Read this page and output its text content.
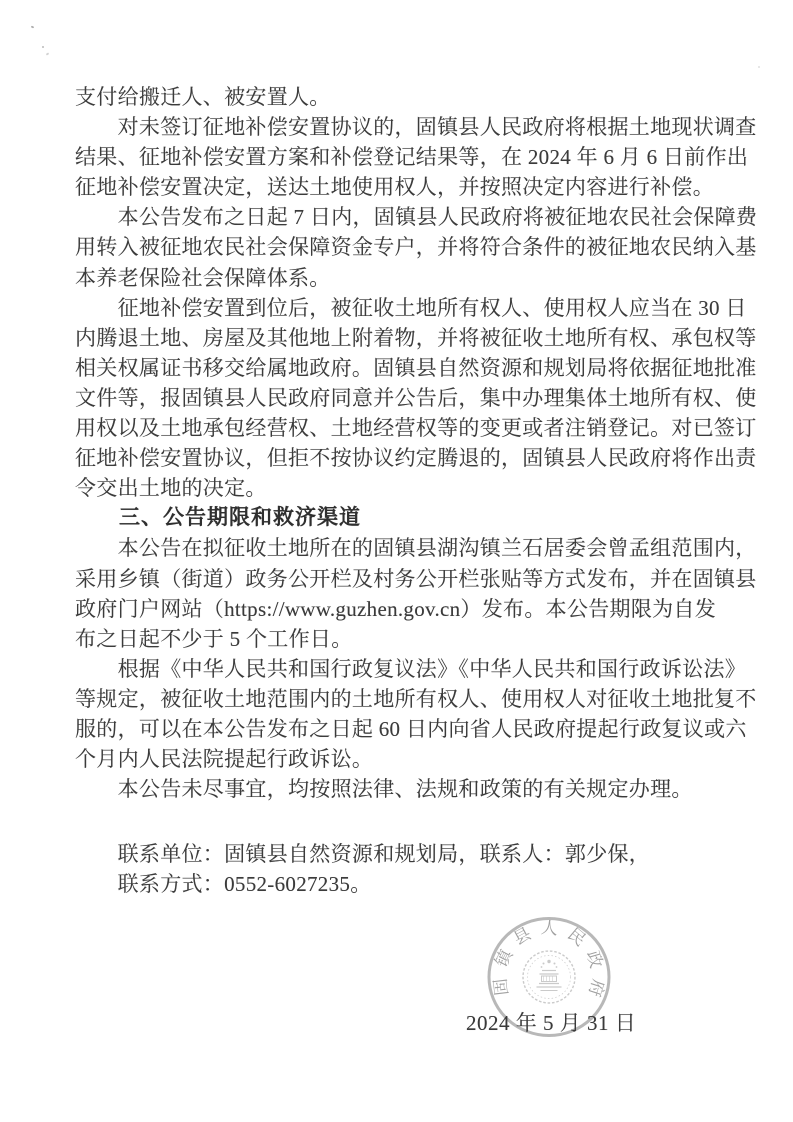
支付给搬迁人、被安置人。
　　对未签订征地补偿安置协议的，固镇县人民政府将根据土地现状调查
结果、征地补偿安置方案和补偿登记结果等，在 2024 年 6 月 6 日前作出
征地补偿安置决定，送达土地使用权人，并按照决定内容进行补偿。
　　本公告发布之日起 7 日内，固镇县人民政府将被征地农民社会保障费
用转入被征地农民社会保障资金专户，并将符合条件的被征地农民纳入基
本养老保险社会保障体系。
　　征地补偿安置到位后，被征收土地所有权人、使用权人应当在 30 日
内腾退土地、房屋及其他地上附着物，并将被征收土地所有权、承包权等
相关权属证书移交给属地政府。固镇县自然资源和规划局将依据征地批准
文件等，报固镇县人民政府同意并公告后，集中办理集体土地所有权、使
用权以及土地承包经营权、土地经营权等的变更或者注销登记。对已签订
征地补偿安置协议，但拒不按协议约定腾退的，固镇县人民政府将作出责
令交出土地的决定。
　　三、公告期限和救济渠道
　　本公告在拟征收土地所在的固镇县湖沟镇兰石居委会曾孟组范围内，
采用乡镇（街道）政务公开栏及村务公开栏张贴等方式发布，并在固镇县
政府门户网站（https://www.guzhen.gov.cn）发布。本公告期限为自发
布之日起不少于 5 个工作日。
　　根据《中华人民共和国行政复议法》《中华人民共和国行政诉讼法》
等规定，被征收土地范围内的土地所有权人、使用权人对征收土地批复不
服的，可以在本公告发布之日起 60 日内向省人民政府提起行政复议或六
个月内人民法院提起行政诉讼。
　　本公告未尽事宜，均按照法律、法规和政策的有关规定办理。
　　联系单位：固镇县自然资源和规划局，联系人：郭少保，
　　联系方式：0552-6027235。
固镇县人民政府
2024 年 5 月 31 日
